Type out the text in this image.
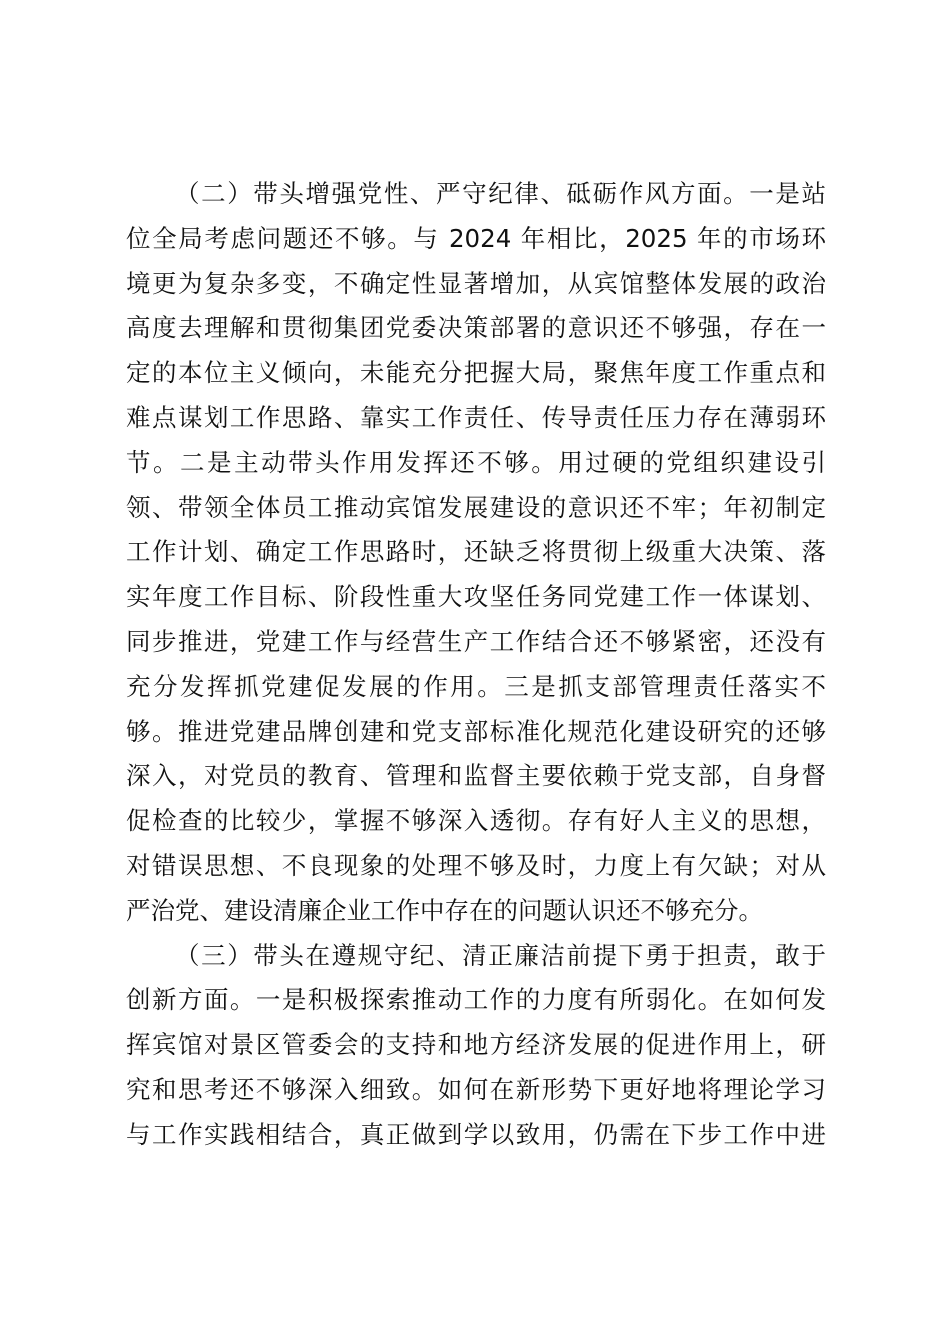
（二）带头增强党性、严守纪律、砥砺作风方面。一是站
位全局考虑问题还不够。与 2024 年相比，2025 年的市场环
境更为复杂多变，不确定性显著增加，从宾馆整体发展的政治
高度去理解和贯彻集团党委决策部署的意识还不够强，存在一
定的本位主义倾向，未能充分把握大局，聚焦年度工作重点和
难点谋划工作思路、靠实工作责任、传导责任压力存在薄弱环
节。二是主动带头作用发挥还不够。用过硬的党组织建设引
领、带领全体员工推动宾馆发展建设的意识还不牢；年初制定
工作计划、确定工作思路时，还缺乏将贯彻上级重大决策、落
实年度工作目标、阶段性重大攻坚任务同党建工作一体谋划、
同步推进，党建工作与经营生产工作结合还不够紧密，还没有
充分发挥抓党建促发展的作用。三是抓支部管理责任落实不
够。推进党建品牌创建和党支部标准化规范化建设研究的还够
深入，对党员的教育、管理和监督主要依赖于党支部，自身督
促检查的比较少，掌握不够深入透彻。存有好人主义的思想，
对错误思想、不良现象的处理不够及时，力度上有欠缺；对从
严治党、建设清廉企业工作中存在的问题认识还不够充分。
（三）带头在遵规守纪、清正廉洁前提下勇于担责，敢于
创新方面。一是积极探索推动工作的力度有所弱化。在如何发
挥宾馆对景区管委会的支持和地方经济发展的促进作用上，研
究和思考还不够深入细致。如何在新形势下更好地将理论学习
与工作实践相结合，真正做到学以致用，仍需在下步工作中进
